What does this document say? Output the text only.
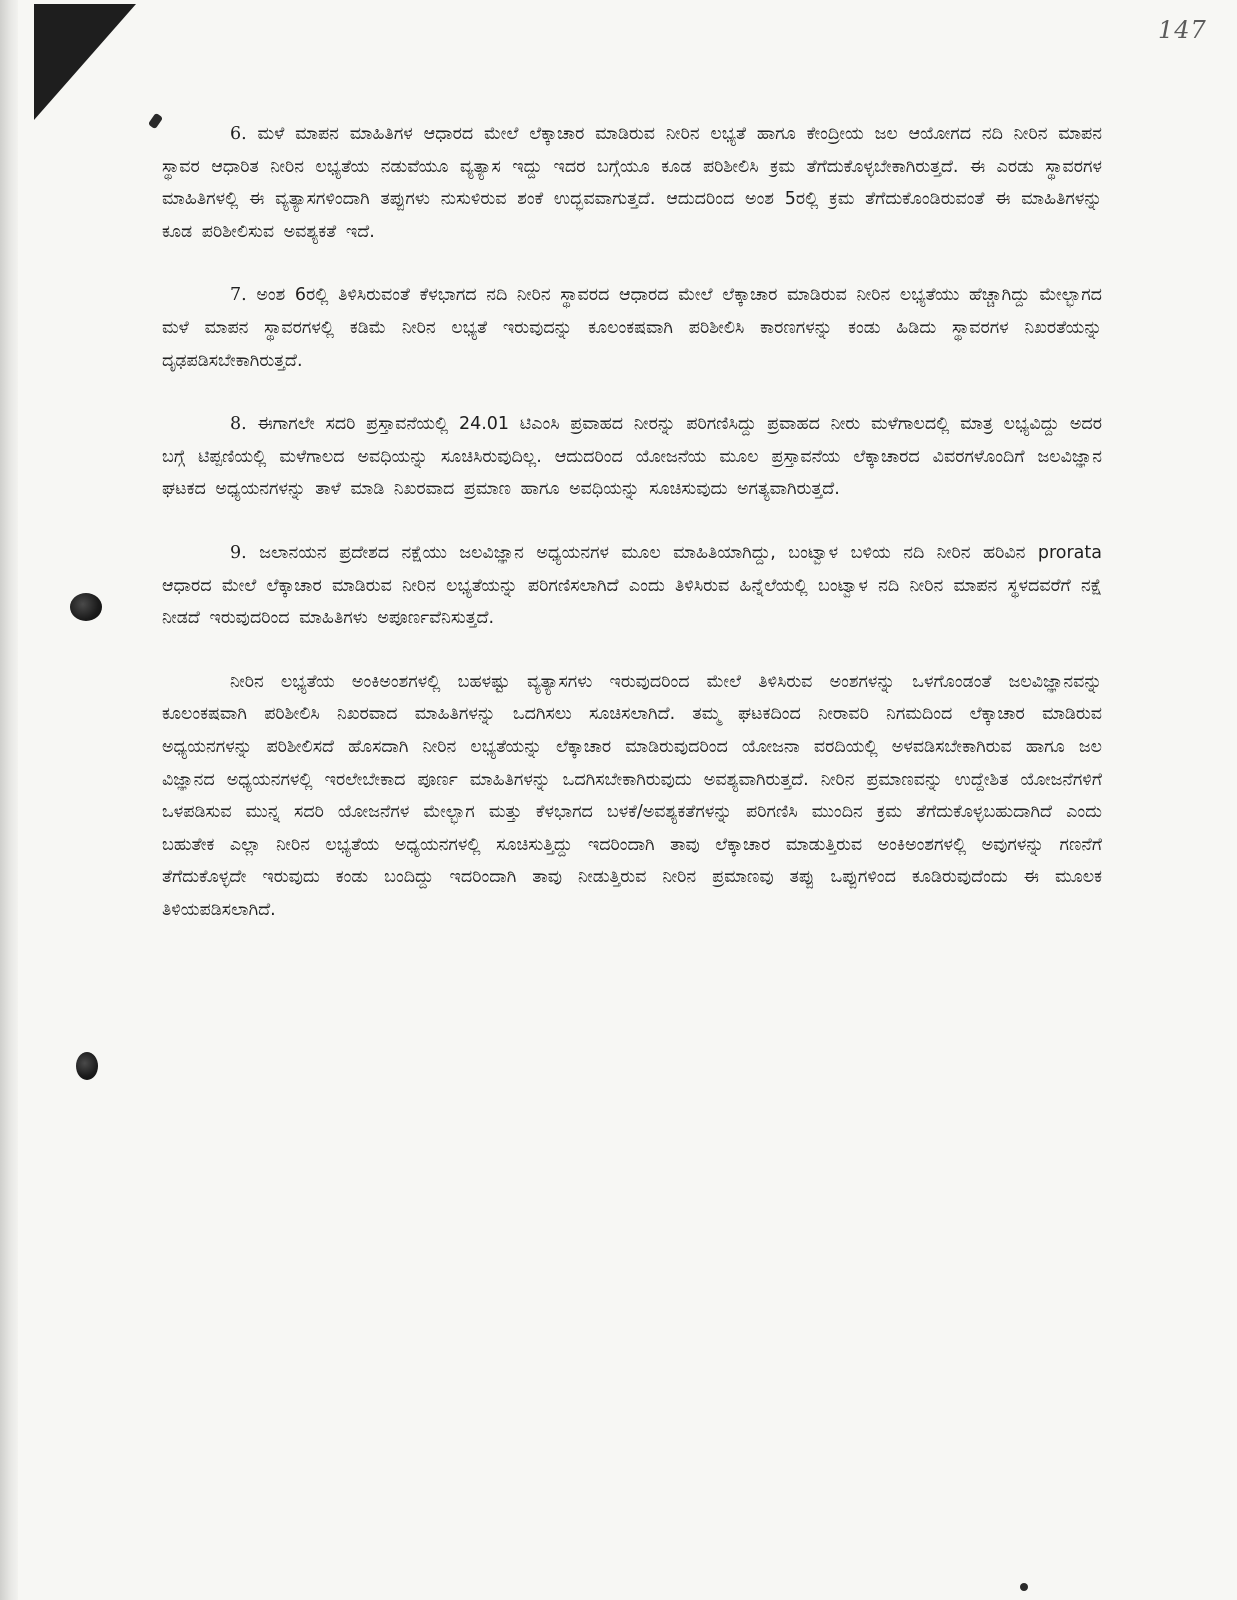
147

6. ಮಳೆ ಮಾಪನ ಮಾಹಿತಿಗಳ ಆಧಾರದ ಮೇಲೆ ಲೆಕ್ಕಾಚಾರ ಮಾಡಿರುವ ನೀರಿನ ಲಭ್ಯತೆ ಹಾಗೂ ಕೇಂದ್ರೀಯ ಜಲ ಆಯೋಗದ ನದಿ ನೀರಿನ ಮಾಪನ ಸ್ಥಾವರ ಆಧಾರಿತ ನೀರಿನ ಲಭ್ಯತೆಯ ನಡುವೆಯೂ ವ್ಯತ್ಯಾಸ ಇದ್ದು ಇದರ ಬಗ್ಗೆಯೂ ಕೂಡ ಪರಿಶೀಲಿಸಿ ಕ್ರಮ ತೆಗೆದುಕೊಳ್ಳಬೇಕಾಗಿರುತ್ತದೆ. ಈ ಎರಡು ಸ್ಥಾವರಗಳ ಮಾಹಿತಿಗಳಲ್ಲಿ ಈ ವ್ಯತ್ಯಾಸಗಳಿಂದಾಗಿ ತಪ್ಪುಗಳು ನುಸುಳಿರುವ ಶಂಕೆ ಉದ್ಭವವಾಗುತ್ತದೆ. ಆದುದರಿಂದ ಅಂಶ 5ರಲ್ಲಿ ಕ್ರಮ ತೆಗೆದುಕೊಂಡಿರುವಂತೆ ಈ ಮಾಹಿತಿಗಳನ್ನು ಕೂಡ ಪರಿಶೀಲಿಸುವ ಅವಶ್ಯಕತೆ ಇದೆ.

7. ಅಂಶ 6ರಲ್ಲಿ ತಿಳಿಸಿರುವಂತೆ ಕೆಳಭಾಗದ ನದಿ ನೀರಿನ ಸ್ಥಾವರದ ಆಧಾರದ ಮೇಲೆ ಲೆಕ್ಕಾಚಾರ ಮಾಡಿರುವ ನೀರಿನ ಲಭ್ಯತೆಯು ಹೆಚ್ಚಾಗಿದ್ದು ಮೇಲ್ಭಾಗದ ಮಳೆ ಮಾಪನ ಸ್ಥಾವರಗಳಲ್ಲಿ ಕಡಿಮೆ ನೀರಿನ ಲಭ್ಯತೆ ಇರುವುದನ್ನು ಕೂಲಂಕಷವಾಗಿ ಪರಿಶೀಲಿಸಿ ಕಾರಣಗಳನ್ನು ಕಂಡು ಹಿಡಿದು ಸ್ಥಾವರಗಳ ನಿಖರತೆಯನ್ನು ದೃಢಪಡಿಸಬೇಕಾಗಿರುತ್ತದೆ.

8. ಈಗಾಗಲೇ ಸದರಿ ಪ್ರಸ್ತಾವನೆಯಲ್ಲಿ 24.01 ಟಿಎಂಸಿ ಪ್ರವಾಹದ ನೀರನ್ನು ಪರಿಗಣಿಸಿದ್ದು ಪ್ರವಾಹದ ನೀರು ಮಳೆಗಾಲದಲ್ಲಿ ಮಾತ್ರ ಲಭ್ಯವಿದ್ದು ಅದರ ಬಗ್ಗೆ ಟಿಪ್ಪಣಿಯಲ್ಲಿ ಮಳೆಗಾಲದ ಅವಧಿಯನ್ನು ಸೂಚಿಸಿರುವುದಿಲ್ಲ. ಆದುದರಿಂದ ಯೋಜನೆಯ ಮೂಲ ಪ್ರಸ್ತಾವನೆಯ ಲೆಕ್ಕಾಚಾರದ ವಿವರಗಳೊಂದಿಗೆ ಜಲವಿಜ್ಞಾನ ಘಟಕದ ಅಧ್ಯಯನಗಳನ್ನು ತಾಳೆ ಮಾಡಿ ನಿಖರವಾದ ಪ್ರಮಾಣ ಹಾಗೂ ಅವಧಿಯನ್ನು ಸೂಚಿಸುವುದು ಅಗತ್ಯವಾಗಿರುತ್ತದೆ.

9. ಜಲಾನಯನ ಪ್ರದೇಶದ ನಕ್ಷೆಯು ಜಲವಿಜ್ಞಾನ ಅಧ್ಯಯನಗಳ ಮೂಲ ಮಾಹಿತಿಯಾಗಿದ್ದು, ಬಂಟ್ವಾಳ ಬಳಿಯ ನದಿ ನೀರಿನ ಹರಿವಿನ prorata ಆಧಾರದ ಮೇಲೆ ಲೆಕ್ಕಾಚಾರ ಮಾಡಿರುವ ನೀರಿನ ಲಭ್ಯತೆಯನ್ನು ಪರಿಗಣಿಸಲಾಗಿದೆ ಎಂದು ತಿಳಿಸಿರುವ ಹಿನ್ನೆಲೆಯಲ್ಲಿ ಬಂಟ್ವಾಳ ನದಿ ನೀರಿನ ಮಾಪನ ಸ್ಥಳದವರೆಗೆ ನಕ್ಷೆ ನೀಡದೆ ಇರುವುದರಿಂದ ಮಾಹಿತಿಗಳು ಅಪೂರ್ಣವೆನಿಸುತ್ತದೆ.

ನೀರಿನ ಲಭ್ಯತೆಯ ಅಂಕಿಅಂಶಗಳಲ್ಲಿ ಬಹಳಷ್ಟು ವ್ಯತ್ಯಾಸಗಳು ಇರುವುದರಿಂದ ಮೇಲೆ ತಿಳಿಸಿರುವ ಅಂಶಗಳನ್ನು ಒಳಗೊಂಡಂತೆ ಜಲವಿಜ್ಞಾನವನ್ನು ಕೂಲಂಕಷವಾಗಿ ಪರಿಶೀಲಿಸಿ ನಿಖರವಾದ ಮಾಹಿತಿಗಳನ್ನು ಒದಗಿಸಲು ಸೂಚಿಸಲಾಗಿದೆ. ತಮ್ಮ ಘಟಕದಿಂದ ನೀರಾವರಿ ನಿಗಮದಿಂದ ಲೆಕ್ಕಾಚಾರ ಮಾಡಿರುವ ಅಧ್ಯಯನಗಳನ್ನು ಪರಿಶೀಲಿಸದೆ ಹೊಸದಾಗಿ ನೀರಿನ ಲಭ್ಯತೆಯನ್ನು ಲೆಕ್ಕಾಚಾರ ಮಾಡಿರುವುದರಿಂದ ಯೋಜನಾ ವರದಿಯಲ್ಲಿ ಅಳವಡಿಸಬೇಕಾಗಿರುವ ಹಾಗೂ ಜಲ ವಿಜ್ಞಾನದ ಅಧ್ಯಯನಗಳಲ್ಲಿ ಇರಲೇಬೇಕಾದ ಪೂರ್ಣ ಮಾಹಿತಿಗಳನ್ನು ಒದಗಿಸಬೇಕಾಗಿರುವುದು ಅವಶ್ಯವಾಗಿರುತ್ತದೆ. ನೀರಿನ ಪ್ರಮಾಣವನ್ನು ಉದ್ದೇಶಿತ ಯೋಜನೆಗಳಿಗೆ ಒಳಪಡಿಸುವ ಮುನ್ನ ಸದರಿ ಯೋಜನೆಗಳ ಮೇಲ್ಭಾಗ ಮತ್ತು ಕೆಳಭಾಗದ ಬಳಕೆ/ಅವಶ್ಯಕತೆಗಳನ್ನು ಪರಿಗಣಿಸಿ ಮುಂದಿನ ಕ್ರಮ ತೆಗೆದುಕೊಳ್ಳಬಹುದಾಗಿದೆ ಎಂದು ಬಹುತೇಕ ಎಲ್ಲಾ ನೀರಿನ ಲಭ್ಯತೆಯ ಅಧ್ಯಯನಗಳಲ್ಲಿ ಸೂಚಿಸುತ್ತಿದ್ದು ಇದರಿಂದಾಗಿ ತಾವು ಲೆಕ್ಕಾಚಾರ ಮಾಡುತ್ತಿರುವ ಅಂಕಿಅಂಶಗಳಲ್ಲಿ ಅವುಗಳನ್ನು ಗಣನೆಗೆ ತೆಗೆದುಕೊಳ್ಳದೇ ಇರುವುದು ಕಂಡು ಬಂದಿದ್ದು ಇದರಿಂದಾಗಿ ತಾವು ನೀಡುತ್ತಿರುವ ನೀರಿನ ಪ್ರಮಾಣವು ತಪ್ಪು ಒಪ್ಪುಗಳಿಂದ ಕೂಡಿರುವುದೆಂದು ಈ ಮೂಲಕ ತಿಳಿಯಪಡಿಸಲಾಗಿದೆ.
